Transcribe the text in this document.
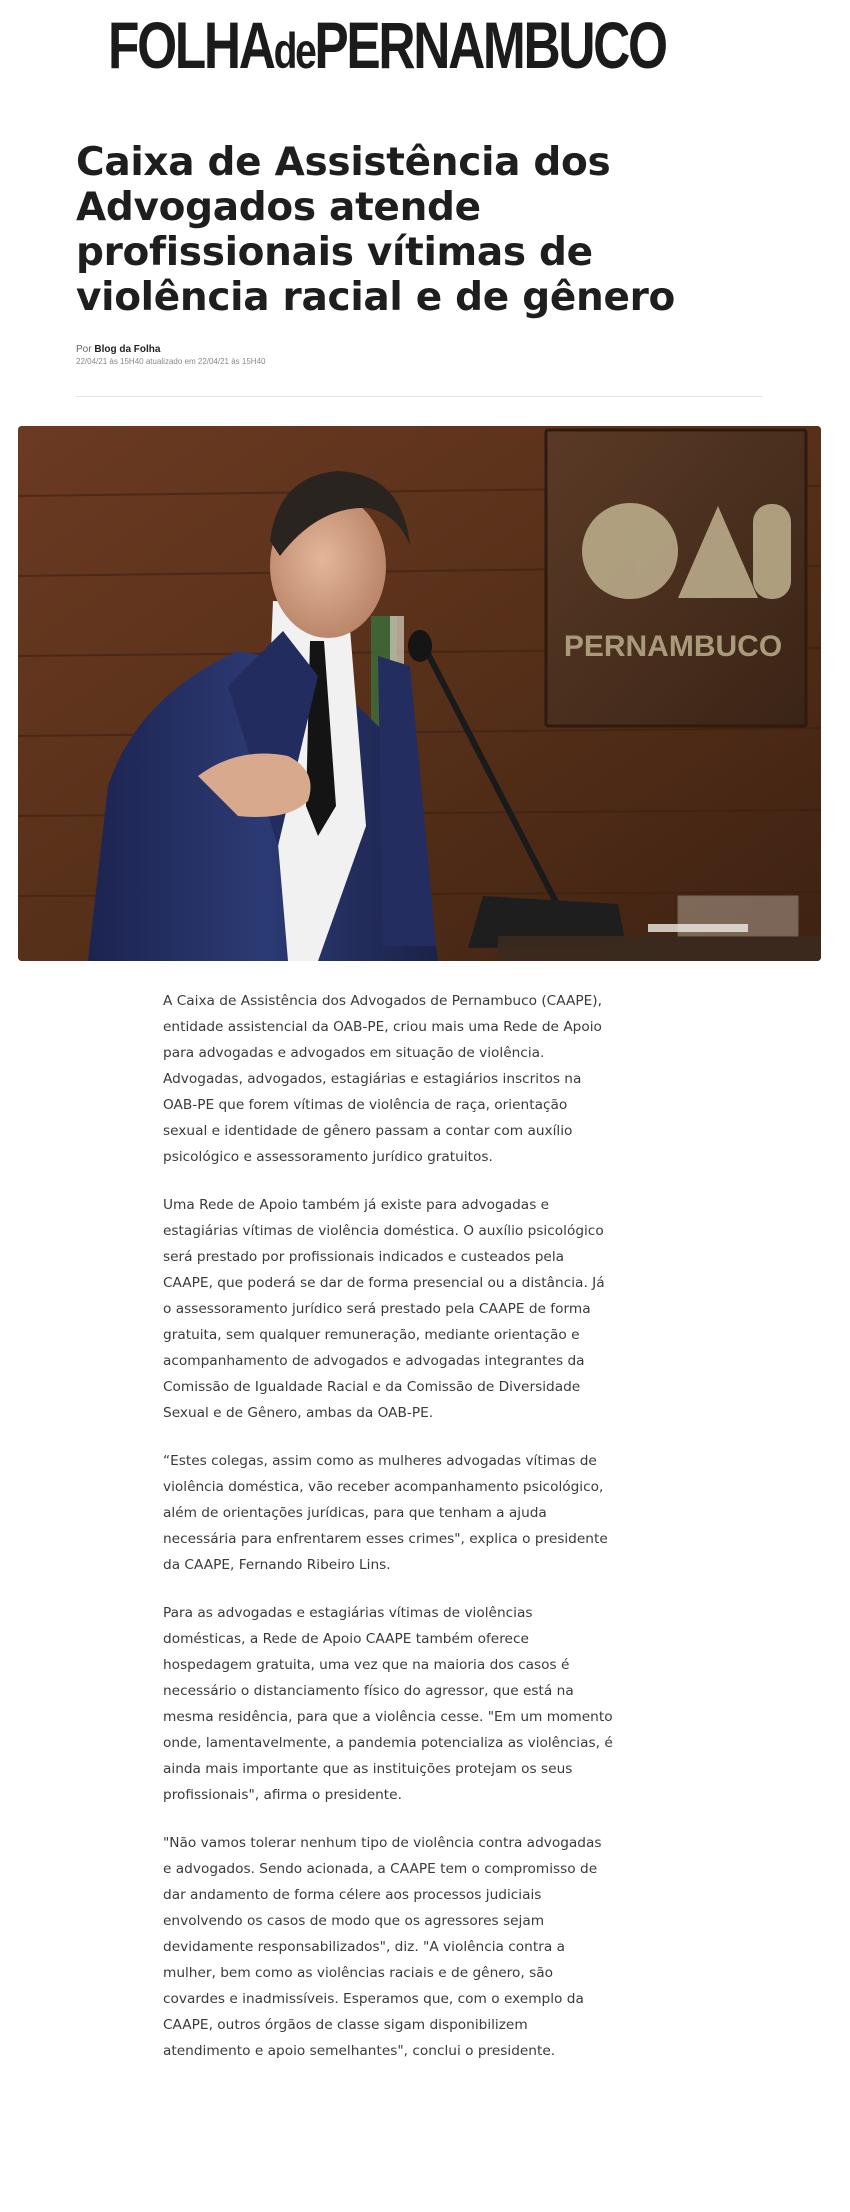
FOLHAdePERNAMBUCO
Caixa de Assistência dos Advogados atende profissionais vítimas de violência racial e de gênero
Por Blog da Folha
22/04/21 às 15H40 atualizado em 22/04/21 às 15H40
PERNAMBUCO

A Caixa de Assistência dos Advogados de Pernambuco (CAAPE), entidade assistencial da OAB-PE, criou mais uma Rede de Apoio para advogadas e advogados em situação de violência. Advogadas, advogados, estagiárias e estagiários inscritos na OAB-PE que forem vítimas de violência de raça, orientação sexual e identidade de gênero passam a contar com auxílio psicológico e assessoramento jurídico gratuitos.

Uma Rede de Apoio também já existe para advogadas e estagiárias vítimas de violência doméstica. O auxílio psicológico será prestado por profissionais indicados e custeados pela CAAPE, que poderá se dar de forma presencial ou a distância. Já o assessoramento jurídico será prestado pela CAAPE de forma gratuita, sem qualquer remuneração, mediante orientação e acompanhamento de advogados e advogadas integrantes da Comissão de Igualdade Racial e da Comissão de Diversidade Sexual e de Gênero, ambas da OAB-PE.

“Estes colegas, assim como as mulheres advogadas vítimas de violência doméstica, vão receber acompanhamento psicológico, além de orientações jurídicas, para que tenham a ajuda necessária para enfrentarem esses crimes", explica o presidente da CAAPE, Fernando Ribeiro Lins.

Para as advogadas e estagiárias vítimas de violências domésticas, a Rede de Apoio CAAPE também oferece hospedagem gratuita, uma vez que na maioria dos casos é necessário o distanciamento físico do agressor, que está na mesma residência, para que a violência cesse. "Em um momento onde, lamentavelmente, a pandemia potencializa as violências, é ainda mais importante que as instituições protejam os seus profissionais", afirma o presidente.

"Não vamos tolerar nenhum tipo de violência contra advogadas e advogados. Sendo acionada, a CAAPE tem o compromisso de dar andamento de forma célere aos processos judiciais envolvendo os casos de modo que os agressores sejam devidamente responsabilizados", diz. "A violência contra a mulher, bem como as violências raciais e de gênero, são covardes e inadmissíveis. Esperamos que, com o exemplo da CAAPE, outros órgãos de classe sigam disponibilizem atendimento e apoio semelhantes", conclui o presidente.
